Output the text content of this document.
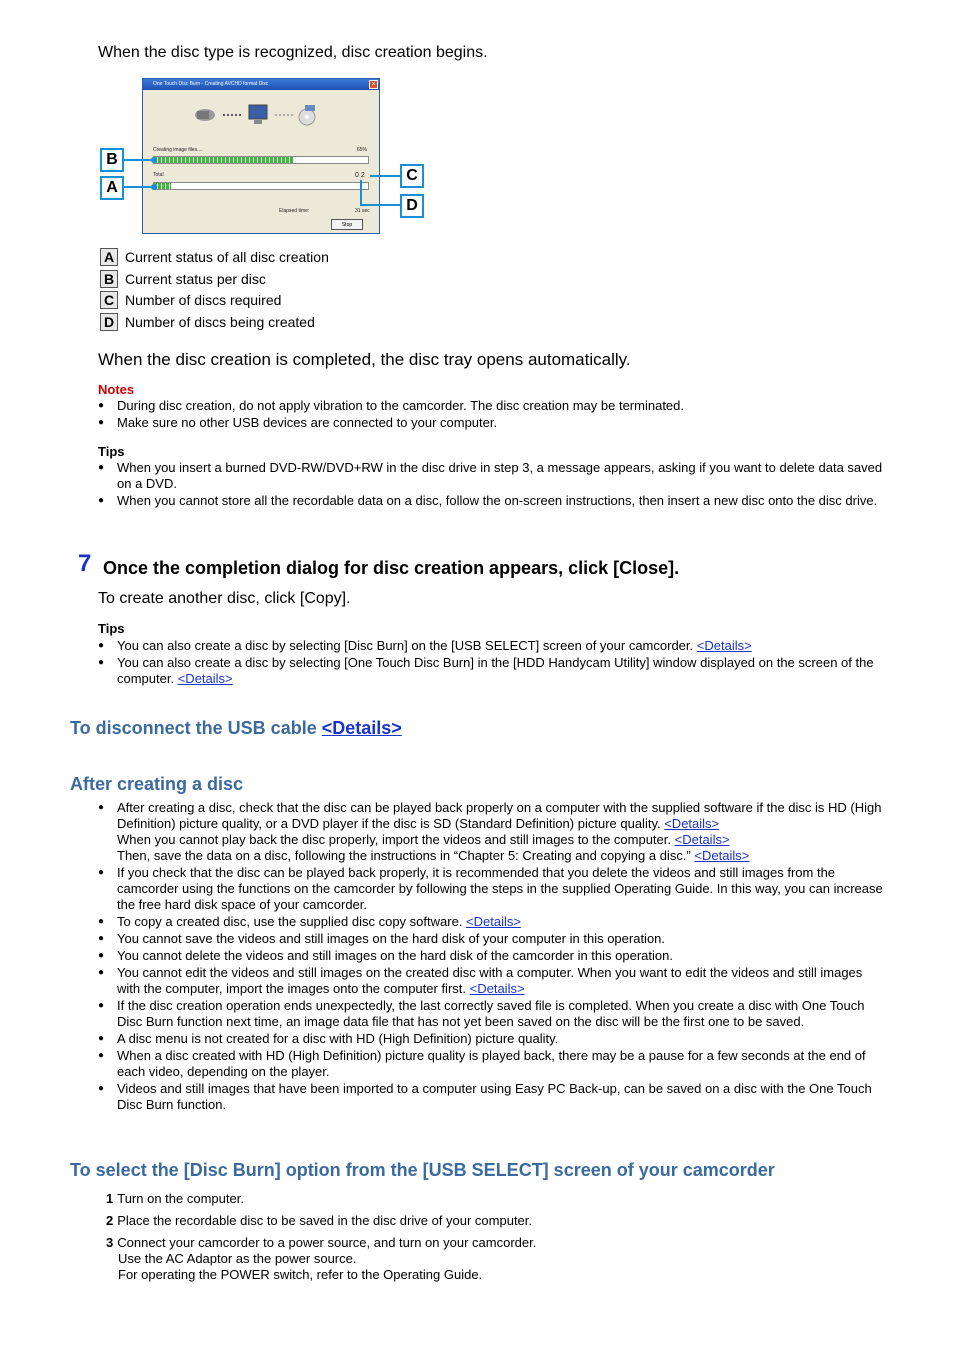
When the disc type is recognized, disc creation begins.
One Touch Disc Burn - Creating AVCHD format Disc	×
Creating image files....	65%
Total	0 2
Elapsed time:	31 sec
Stop
B
A
C
D
A Current status of all disc creation
B Current status per disc
C Number of discs required
D Number of discs being created
When the disc creation is completed, the disc tray opens automatically.
Notes
● During disc creation, do not apply vibration to the camcorder. The disc creation may be terminated.
● Make sure no other USB devices are connected to your computer.
Tips
● When you insert a burned DVD-RW/DVD+RW in the disc drive in step 3, a message appears, asking if you want to delete data saved on a DVD.
● When you cannot store all the recordable data on a disc, follow the on-screen instructions, then insert a new disc onto the disc drive.
7 Once the completion dialog for disc creation appears, click [Close].
To create another disc, click [Copy].
Tips
● You can also create a disc by selecting [Disc Burn] on the [USB SELECT] screen of your camcorder. <Details>
● You can also create a disc by selecting [One Touch Disc Burn] in the [HDD Handycam Utility] window displayed on the screen of the computer. <Details>
To disconnect the USB cable <Details>
After creating a disc
● After creating a disc, check that the disc can be played back properly on a computer with the supplied software if the disc is HD (High Definition) picture quality, or a DVD player if the disc is SD (Standard Definition) picture quality. <Details>
When you cannot play back the disc properly, import the videos and still images to the computer. <Details>
Then, save the data on a disc, following the instructions in “Chapter 5: Creating and copying a disc.” <Details>
● If you check that the disc can be played back properly, it is recommended that you delete the videos and still images from the camcorder using the functions on the camcorder by following the steps in the supplied Operating Guide. In this way, you can increase the free hard disk space of your camcorder.
● To copy a created disc, use the supplied disc copy software. <Details>
● You cannot save the videos and still images on the hard disk of your computer in this operation.
● You cannot delete the videos and still images on the hard disk of the camcorder in this operation.
● You cannot edit the videos and still images on the created disc with a computer. When you want to edit the videos and still images with the computer, import the images onto the computer first. <Details>
● If the disc creation operation ends unexpectedly, the last correctly saved file is completed. When you create a disc with One Touch Disc Burn function next time, an image data file that has not yet been saved on the disc will be the first one to be saved.
● A disc menu is not created for a disc with HD (High Definition) picture quality.
● When a disc created with HD (High Definition) picture quality is played back, there may be a pause for a few seconds at the end of each video, depending on the player.
● Videos and still images that have been imported to a computer using Easy PC Back-up, can be saved on a disc with the One Touch Disc Burn function.
To select the [Disc Burn] option from the [USB SELECT] screen of your camcorder
1 Turn on the computer.
2 Place the recordable disc to be saved in the disc drive of your computer.
3 Connect your camcorder to a power source, and turn on your camcorder.
Use the AC Adaptor as the power source.
For operating the POWER switch, refer to the Operating Guide.
